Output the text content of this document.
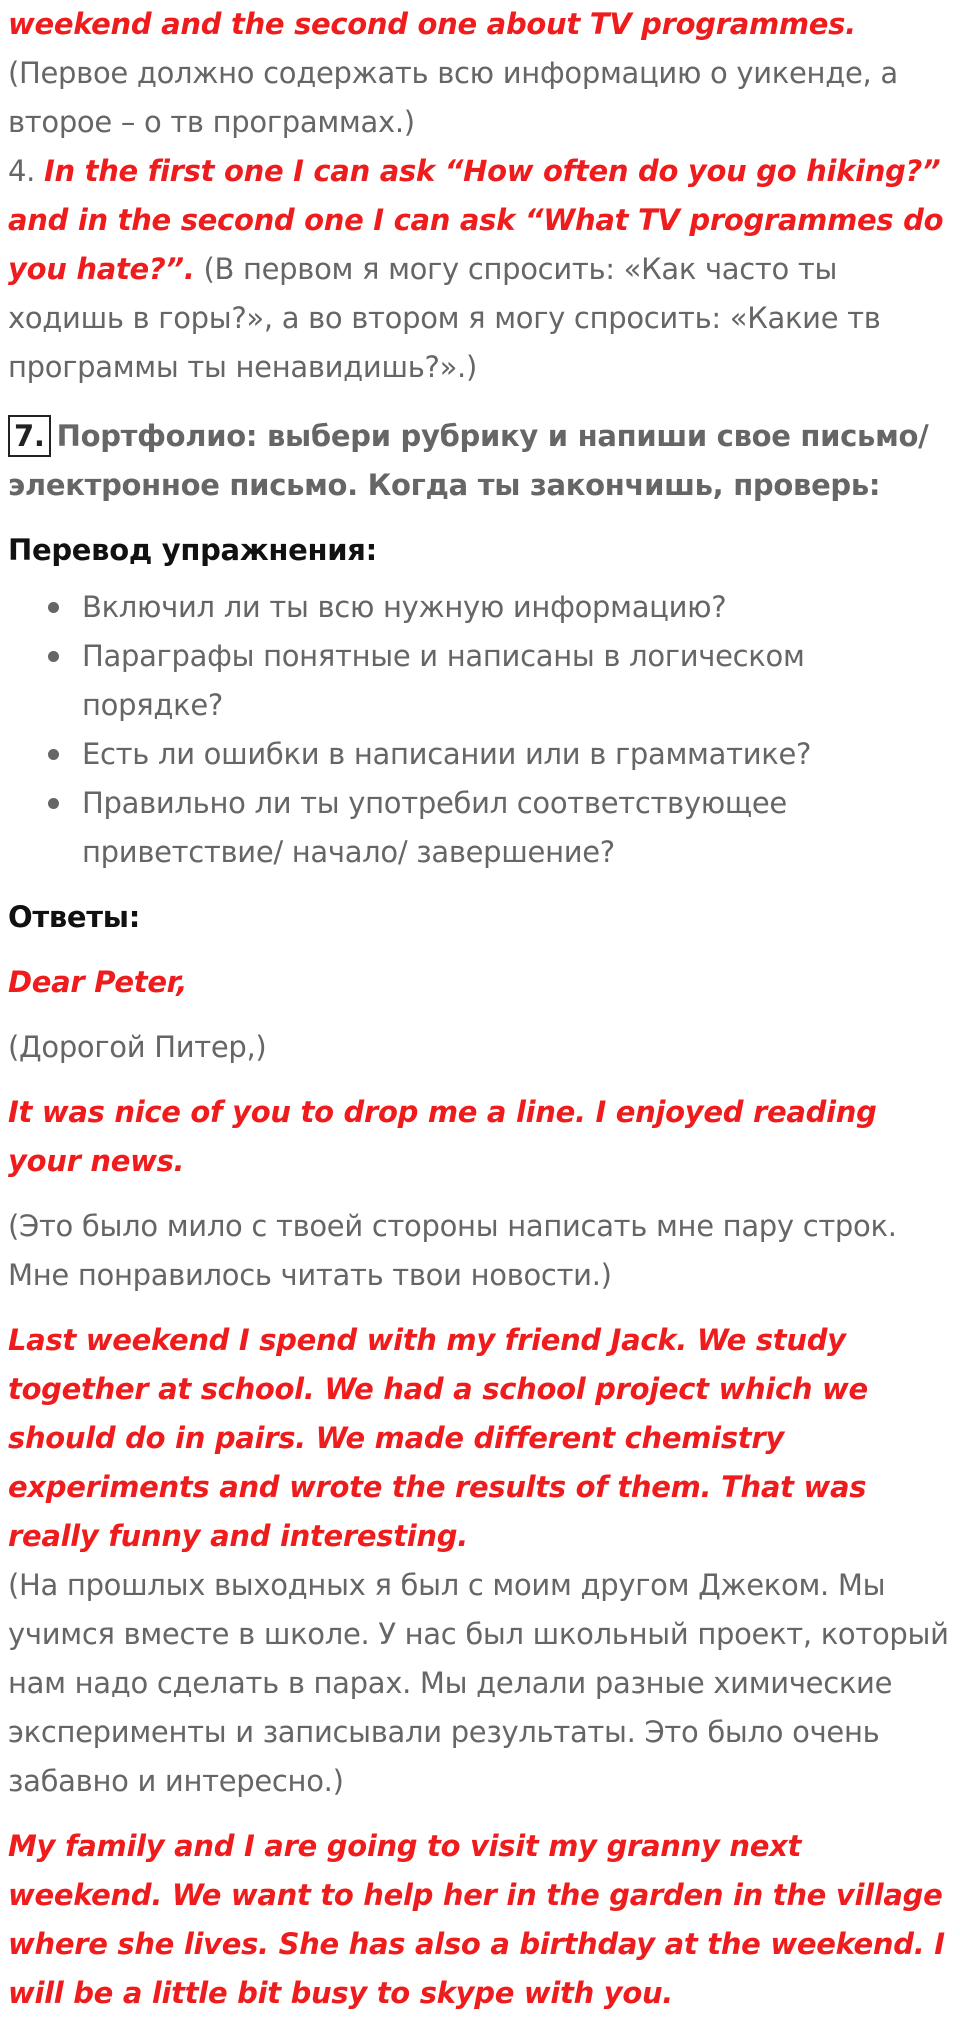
weekend and the second one about TV programmes. (Первое должно содержать всю информацию о уикенде, а второе – о тв программах.)

4. In the first one I can ask “How often do you go hiking?” and in the second one I can ask “What TV programmes do you hate?”. (В первом я могу спросить: «Как часто ты ходишь в горы?», а во втором я могу спросить: «Какие тв программы ты ненавидишь?».)

7. Портфолио: выбери рубрику и напиши свое письмо/ электронное письмо. Когда ты закончишь, проверь:

Перевод упражнения:

Включил ли ты всю нужную информацию?
Параграфы понятные и написаны в логическом порядке?
Есть ли ошибки в написании или в грамматике?
Правильно ли ты употребил соответствующее приветствие/ начало/ завершение?

Ответы:

Dear Peter,

(Дорогой Питер,)

It was nice of you to drop me a line. I enjoyed reading your news.

(Это было мило с твоей стороны написать мне пару строк. Мне понравилось читать твои новости.)

Last weekend I spend with my friend Jack. We study together at school. We had a school project which we should do in pairs. We made different chemistry experiments and wrote the results of them. That was really funny and interesting.

(На прошлых выходных я был с моим другом Джеком. Мы учимся вместе в школе. У нас был школьный проект, который нам надо сделать в парах. Мы делали разные химические эксперименты и записывали результаты. Это было очень забавно и интересно.)

My family and I are going to visit my granny next weekend. We want to help her in the garden in the village where she lives. She has also a birthday at the weekend. I will be a little bit busy to skype with you.
